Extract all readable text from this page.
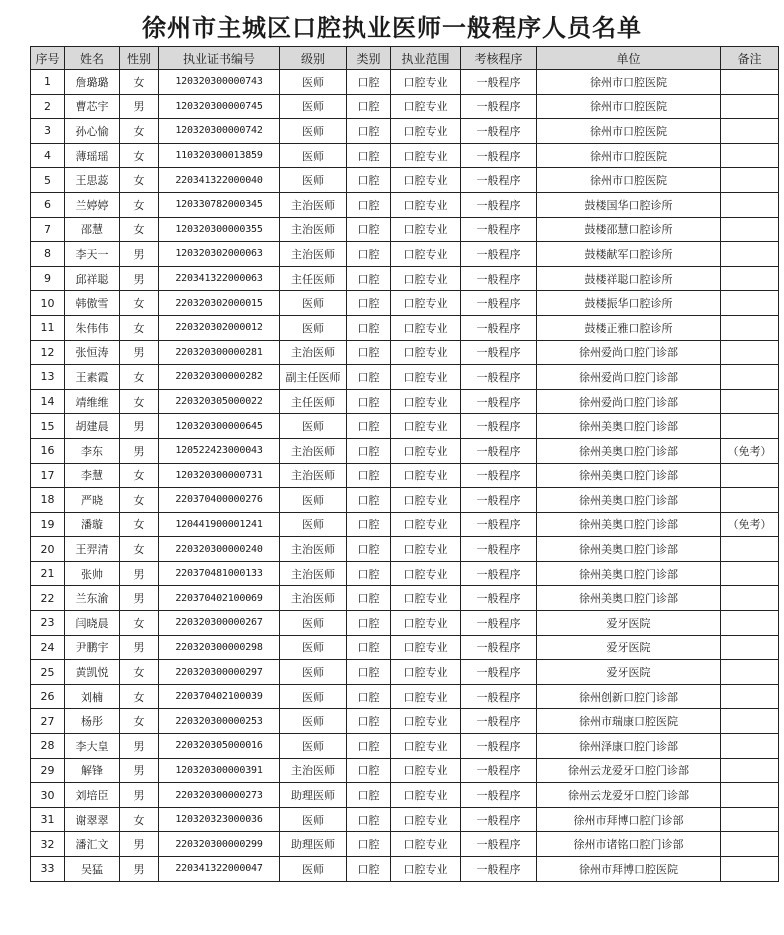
徐州市主城区口腔执业医师一般程序人员名单
序号	姓名	性别	执业证书编号	级别	类别	执业范围	考核程序	单位	备注
1	詹璐璐	女	120320300000743	医师	口腔	口腔专业	一般程序	徐州市口腔医院	
2	曹芯宇	男	120320300000745	医师	口腔	口腔专业	一般程序	徐州市口腔医院	
3	孙心愉	女	120320300000742	医师	口腔	口腔专业	一般程序	徐州市口腔医院	
4	薄瑶瑶	女	110320300013859	医师	口腔	口腔专业	一般程序	徐州市口腔医院	
5	王思蕊	女	220341322000040	医师	口腔	口腔专业	一般程序	徐州市口腔医院	
6	兰婷婷	女	120330782000345	主治医师	口腔	口腔专业	一般程序	鼓楼国华口腔诊所	
7	邵慧	女	120320300000355	主治医师	口腔	口腔专业	一般程序	鼓楼邵慧口腔诊所	
8	李天一	男	120320302000063	主治医师	口腔	口腔专业	一般程序	鼓楼献军口腔诊所	
9	邱祥聪	男	220341322000063	主任医师	口腔	口腔专业	一般程序	鼓楼祥聪口腔诊所	
10	韩傲雪	女	220320302000015	医师	口腔	口腔专业	一般程序	鼓楼振华口腔诊所	
11	朱伟伟	女	220320302000012	医师	口腔	口腔专业	一般程序	鼓楼正雅口腔诊所	
12	张恒涛	男	220320300000281	主治医师	口腔	口腔专业	一般程序	徐州爱尚口腔门诊部	
13	王素霞	女	220320300000282	副主任医师	口腔	口腔专业	一般程序	徐州爱尚口腔门诊部	
14	靖维维	女	220320305000022	主任医师	口腔	口腔专业	一般程序	徐州爱尚口腔门诊部	
15	胡建晨	男	120320300000645	医师	口腔	口腔专业	一般程序	徐州美奥口腔门诊部	
16	李东	男	120522423000043	主治医师	口腔	口腔专业	一般程序	徐州美奥口腔门诊部	（免考）
17	李慧	女	120320300000731	主治医师	口腔	口腔专业	一般程序	徐州美奥口腔门诊部	
18	严晓	女	220370400000276	医师	口腔	口腔专业	一般程序	徐州美奥口腔门诊部	
19	潘璇	女	120441900001241	医师	口腔	口腔专业	一般程序	徐州美奥口腔门诊部	（免考）
20	王羿清	女	220320300000240	主治医师	口腔	口腔专业	一般程序	徐州美奥口腔门诊部	
21	张帅	男	220370481000133	主治医师	口腔	口腔专业	一般程序	徐州美奥口腔门诊部	
22	兰东渝	男	220370402100069	主治医师	口腔	口腔专业	一般程序	徐州美奥口腔门诊部	
23	闫晓晨	女	220320300000267	医师	口腔	口腔专业	一般程序	爱牙医院	
24	尹鹏宇	男	220320300000298	医师	口腔	口腔专业	一般程序	爱牙医院	
25	黄凯悦	女	220320300000297	医师	口腔	口腔专业	一般程序	爱牙医院	
26	刘楠	女	220370402100039	医师	口腔	口腔专业	一般程序	徐州创新口腔门诊部	
27	杨彤	女	220320300000253	医师	口腔	口腔专业	一般程序	徐州市瑞康口腔医院	
28	李大皇	男	220320305000016	医师	口腔	口腔专业	一般程序	徐州泽康口腔门诊部	
29	解锋	男	120320300000391	主治医师	口腔	口腔专业	一般程序	徐州云龙爱牙口腔门诊部	
30	刘培臣	男	220320300000273	助理医师	口腔	口腔专业	一般程序	徐州云龙爱牙口腔门诊部	
31	谢翠翠	女	120320323000036	医师	口腔	口腔专业	一般程序	徐州市拜博口腔门诊部	
32	潘汇文	男	220320300000299	助理医师	口腔	口腔专业	一般程序	徐州市诸铭口腔门诊部	
33	吴猛	男	220341322000047	医师	口腔	口腔专业	一般程序	徐州市拜博口腔医院	
